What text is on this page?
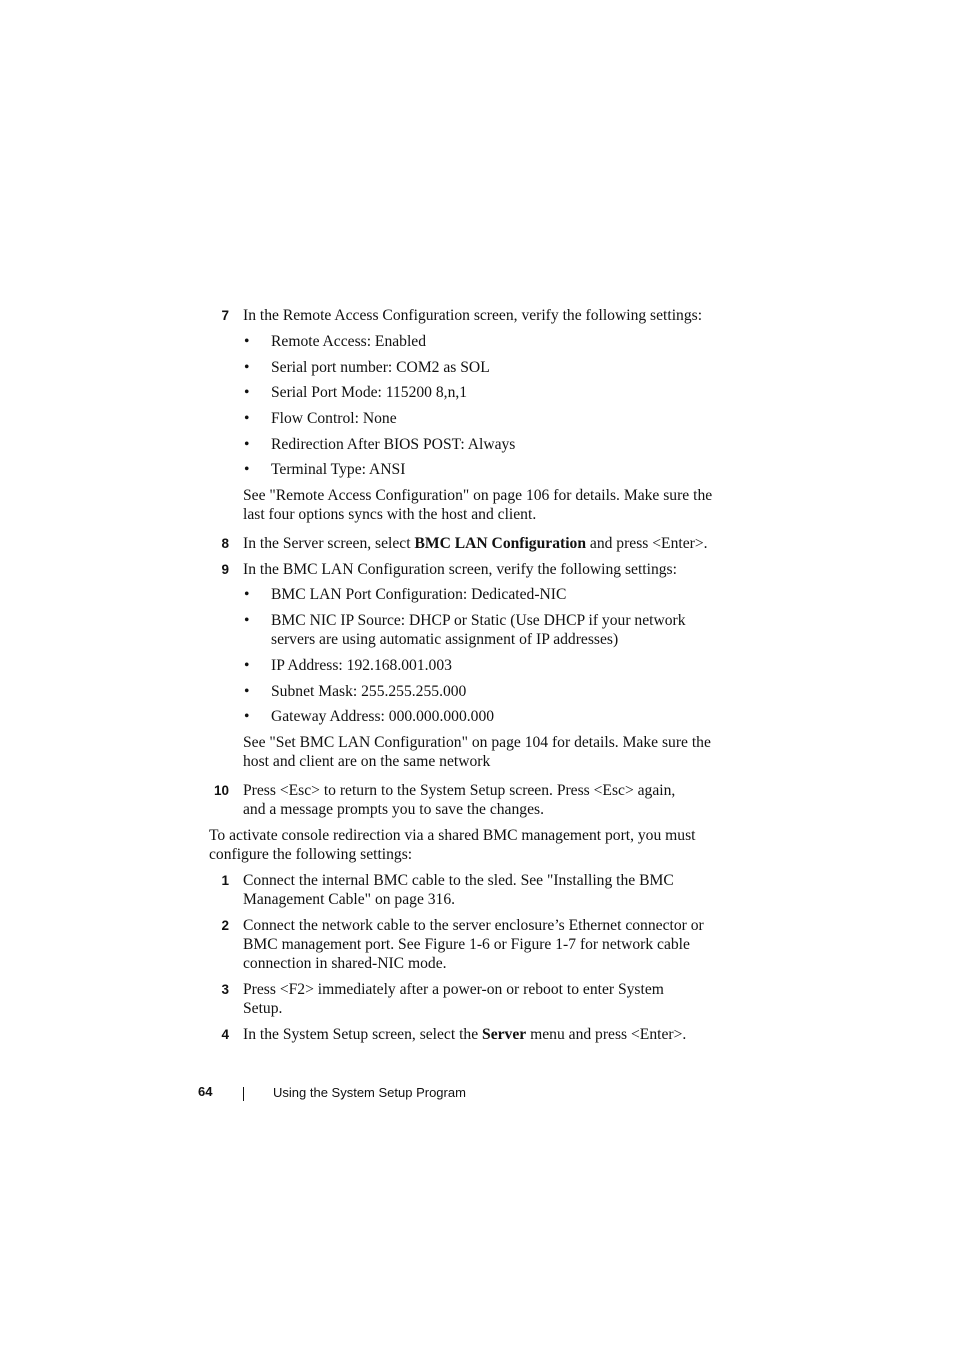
7 In the Remote Access Configuration screen, verify the following settings:
• Remote Access: Enabled
• Serial port number: COM2 as SOL
• Serial Port Mode: 115200 8,n,1
• Flow Control: None
• Redirection After BIOS POST: Always
• Terminal Type: ANSI
See "Remote Access Configuration" on page 106 for details. Make sure the
last four options syncs with the host and client.
8 In the Server screen, select BMC LAN Configuration and press <Enter>.
9 In the BMC LAN Configuration screen, verify the following settings:
• BMC LAN Port Configuration: Dedicated-NIC
• BMC NIC IP Source: DHCP or Static (Use DHCP if your network
servers are using automatic assignment of IP addresses)
• IP Address: 192.168.001.003
• Subnet Mask: 255.255.255.000
• Gateway Address: 000.000.000.000
See "Set BMC LAN Configuration" on page 104 for details. Make sure the
host and client are on the same network
10 Press <Esc> to return to the System Setup screen. Press <Esc> again,
and a message prompts you to save the changes.
To activate console redirection via a shared BMC management port, you must
configure the following settings:
1 Connect the internal BMC cable to the sled. See "Installing the BMC
Management Cable" on page 316.
2 Connect the network cable to the server enclosure’s Ethernet connector or
BMC management port. See Figure 1-6 or Figure 1-7 for network cable
connection in shared-NIC mode.
3 Press <F2> immediately after a power-on or reboot to enter System
Setup.
4 In the System Setup screen, select the Server menu and press <Enter>.
64	Using the System Setup Program
